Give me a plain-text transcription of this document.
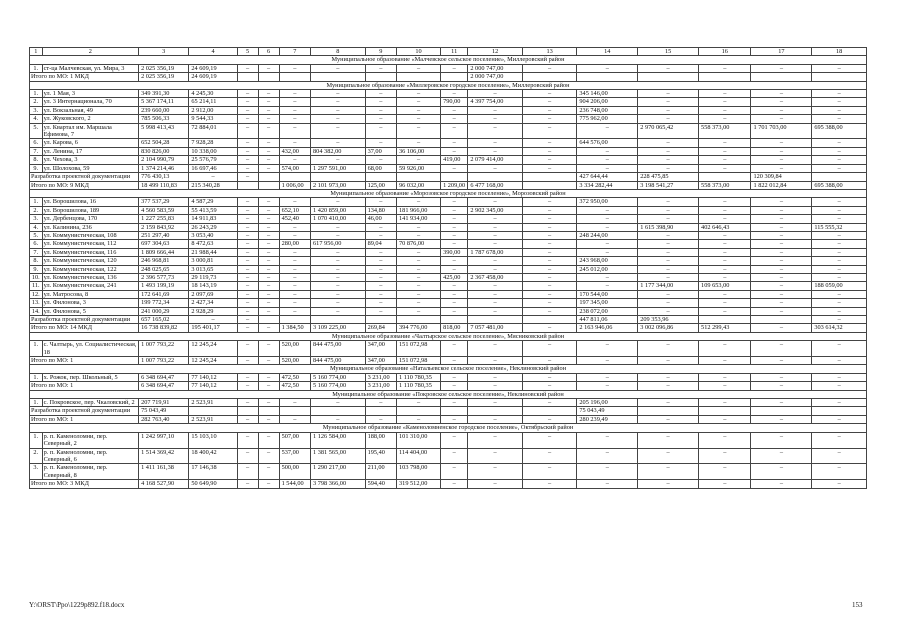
1	2	3	4	5	6	7	8	9	10	11	12	13	14	15	16	17	18
Муниципальное образование «Малчевское сельское поселение», Миллеровский район																	
1.	ст-ца Малчевская, ул. Мира, 3	2 025 356,19	24 609,19	–	–	–	–	–	–	–	2 000 747,00	–	–	–	–	–	–
Итого по МО: 1 МКД		2 025 356,19	24 609,19								2 000 747,00						
Муниципальное образование «Миллеровское городское поселение», Миллеровский район																	
1.	ул. 1 Мая, 3	349 391,30	4 245,30	–	–	–	–	–	–	–	–	–	345 146,00	–	–	–	–
2.	ул. 3 Интернационала, 70	5 367 174,11	65 214,11	–	–	–	–	–	–	790,00	4 397 754,00	–	904 206,00	–	–	–	–
3.	ул. Вокзальная, 49	239 660,00	2 912,00	–	–	–	–	–	–	–	–	–	236 748,00	–	–	–	–
4.	ул. Жуковского, 2	785 506,33	9 544,33	–	–	–	–	–	–	–	–	–	775 962,00	–	–	–	–
5.	ул. Квартал им. Маршала Ефимова, 7	5 998 413,43	72 884,01	–	–	–	–	–	–	–	–	–	–	2 970 065,42	558 373,00	1 701 703,00	695 388,00
6.	ул. Карова, 6	652 504,28	7 928,28	–	–	–	–	–	–	–	–	–	644 576,00	–	–	–	–
7.	ул. Ленина, 17	830 826,00	10 338,00	–	–	432,00	804 382,00	37,00	36 106,00	–	–	–	–	–	–	–	–
8.	ул. Чехова, 3	2 104 990,79	25 576,79	–	–	–	–	–	–	419,00	2 079 414,00	–	–	–	–	–	–
9.	ул. Шолохова, 59	1 374 214,46	16 697,46	–	–	574,00	1 297 591,00	68,00	59 926,00	–	–	–	–	–	–	–	–
Разработка проектной документации		776 430,13	–	–									427 644,44	228 475,85		120 309,84	
Итого по МО: 9 МКД		18 499 110,83	215 340,28			1 006,00	2 101 973,00	125,00	96 032,00	1 209,00	6 477 168,00		3 334 282,44	3 198 541,27	558 373,00	1 822 012,84	695 388,00
Муниципальное образование «Морозовское городское поселение», Морозовский район																	
1.	ул. Ворошилова, 16	377 537,29	4 587,29	–	–	–	–	–	–	–	–	–	372 950,00	–	–	–	–
2.	ул. Ворошилова, 189	4 560 583,59	55 413,59	–	–	652,10	1 420 859,00	134,80	181 966,00	–	2 902 345,00	–	–	–	–	–	–
3.	ул. Дербенцова, 170	1 227 255,83	14 911,83	–	–	452,40	1 070 410,00	46,00	141 934,00	–	–	–	–	–	–	–	–
4.	ул. Калинина, 236	2 159 843,92	26 243,29	–	–	–	–	–	–	–	–	–	–	1 615 398,90	402 646,43	–	115 555,32
5.	ул. Коммунистическая, 108	251 297,40	3 053,40	–	–	–	–	–	–	–	–	–	248 244,00	–	–	–	–
6.	ул. Коммунистическая, 112	697 304,63	8 472,63	–	–	280,00	617 956,00	89,04	70 876,00	–	–	–	–	–	–	–	–
7.	ул. Коммунистическая, 116	1 809 666,44	21 988,44	–	–	–	–	–	–	390,00	1 787 678,00	–	–	–	–	–	–
8.	ул. Коммунистическая, 120	246 968,81	3 000,81	–	–	–	–	–	–	–	–	–	243 968,00	–	–	–	–
9.	ул. Коммунистическая, 122	248 025,65	3 013,65	–	–	–	–	–	–	–	–	–	245 012,00	–	–	–	–
10.	ул. Коммунистическая, 136	2 396 577,73	29 119,73	–	–	–	–	–	–	425,00	2 367 458,00	–	–	–	–	–	–
11.	ул. Коммунистическая, 241	1 493 199,19	18 143,19	–	–	–	–	–	–	–	–	–	–	1 177 344,00	109 653,00	–	188 059,00
12.	ул. Матросова, 8	172 641,69	2 097,69	–	–	–	–	–	–	–	–	–	170 544,00	–	–	–	–
13.	ул. Филонова, 3	199 772,34	2 427,34	–	–	–	–	–	–	–	–	–	197 345,00	–	–	–	–
14.	ул. Филонова, 5	241 000,29	2 928,29	–	–	–	–	–	–	–	–	–	238 072,00	–	–	–	–
Разработка проектной документации		657 165,02	–	–									447 811,06	209 353,96			–
Итого по МО: 14 МКД		16 738 839,82	195 401,17	–	–	1 384,50	3 109 225,00	269,84	394 776,00	818,00	7 057 481,00	–	2 163 946,06	3 002 096,86	512 299,43	–	303 614,32
Муниципальное образование «Чалтырское сельское поселение», Мясниковский район																	
1.	с. Чалтырь, ул. Социалистическая, 18	1 007 793,22	12 245,24	–	–	520,00	844 475,00	347,00	151 072,98	–	–	–	–	–	–	–	–
Итого по МО: 1		1 007 793,22	12 245,24	–	–	520,00	844 475,00	347,00	151 072,98	–	–	–	–	–	–	–	–
Муниципальное образование «Натальевское сельское поселение», Неклиновский район																	
1.	х. Рожок, пер. Школьный, 5	6 348 694,47	77 140,12	–	–	472,50	5 160 774,00	3 231,00	1 110 780,35	–	–	–	–	–	–	–	–
Итого по МО: 1		6 348 694,47	77 140,12	–	–	472,50	5 160 774,00	3 231,00	1 110 780,35	–	–	–	–	–	–	–	–
Муниципальное образование «Покровское сельское поселение», Неклиновский район																	
1.	с. Покровское, пер. Чкаловский, 2	207 719,91	2 523,91	–	–	–	–	–	–	–	–	–	205 196,00	–	–	–	–
Разработка проектной документации		75 043,49											75 043,49				
Итого по МО: 1		282 763,40	2 523,91	–	–	–	–	–	–	–	–	–	280 239,49	–	–	–	–
Муниципальное образование «Каменоломненское городское поселение», Октябрьский район																	
1.	р. п. Каменоломни, пер. Северный, 2	1 242 997,10	15 103,10	–	–	507,00	1 126 584,00	188,00	101 310,00	–	–	–	–	–	–	–	–
2.	р. п. Каменоломни, пер. Северный, 6	1 514 369,42	18 400,42	–	–	537,00	1 381 565,00	195,40	114 404,00	–	–	–	–	–	–	–	–
3.	р. п. Каменоломни, пер. Северный, 8	1 411 161,38	17 146,38	–	–	500,00	1 290 217,00	211,00	103 798,00	–	–	–	–	–	–	–	–
Итого по МО: 3 МКД		4 168 527,90	50 649,90	–	–	1 544,00	3 798 366,00	594,40	319 512,00	–	–	–	–	–	–	–	–
Y:\ORST\Ppo\1229p892.f18.docx	153
